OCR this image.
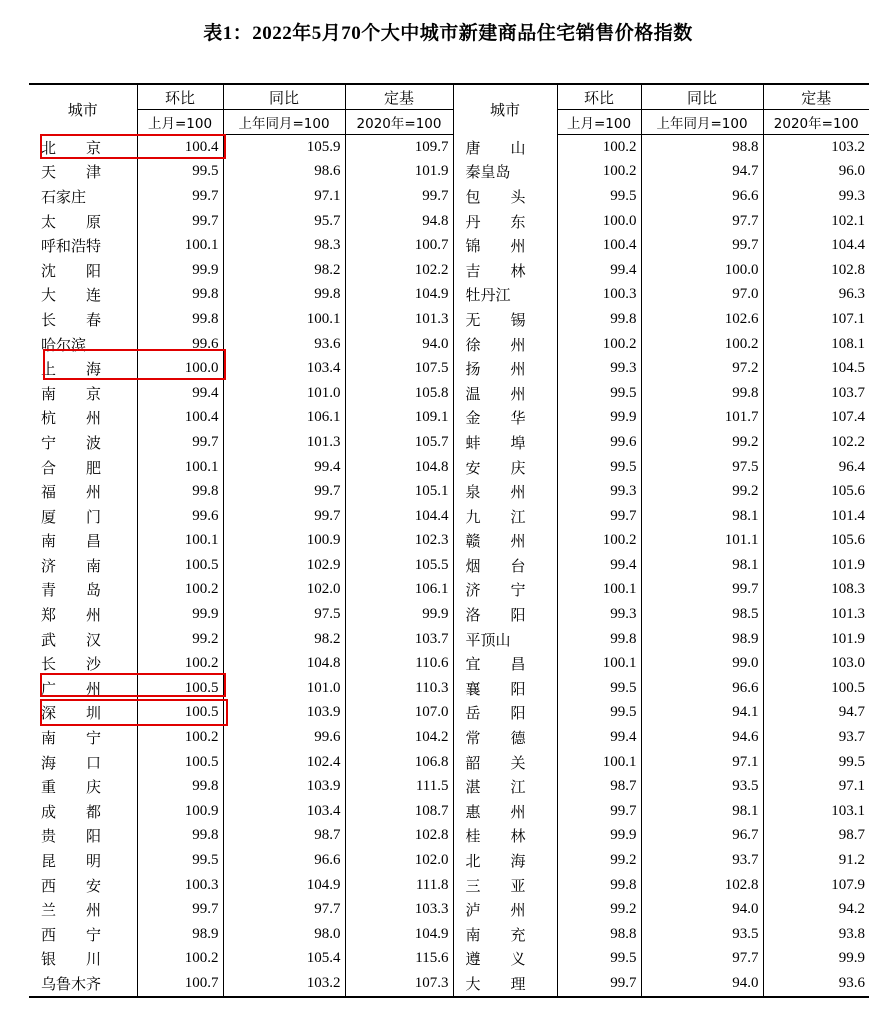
表1：2022年5月70个大中城市新建商品住宅销售价格指数
城市	环比	同比	定基	城市	环比	同比	定基
	上月=100	上年同月=100	2020年=100		上月=100	上年同月=100	2020年=100

北　　京	100.4	105.9	109.7	唐　　山	100.2	98.8	103.2

天　　津	99.5	98.6	101.9	秦皇岛	100.2	94.7	96.0

石家庄	99.7	97.1	99.7	包　　头	99.5	96.6	99.3

太　　原	99.7	95.7	94.8	丹　　东	100.0	97.7	102.1

呼和浩特	100.1	98.3	100.7	锦　　州	100.4	99.7	104.4

沈　　阳	99.9	98.2	102.2	吉　　林	99.4	100.0	102.8

大　　连	99.8	99.8	104.9	牡丹江	100.3	97.0	96.3

长　　春	99.8	100.1	101.3	无　　锡	99.8	102.6	107.1

哈尔滨	99.6	93.6	94.0	徐　　州	100.2	100.2	108.1

上　　海	100.0	103.4	107.5	扬　　州	99.3	97.2	104.5

南　　京	99.4	101.0	105.8	温　　州	99.5	99.8	103.7

杭　　州	100.4	106.1	109.1	金　　华	99.9	101.7	107.4

宁　　波	99.7	101.3	105.7	蚌　　埠	99.6	99.2	102.2

合　　肥	100.1	99.4	104.8	安　　庆	99.5	97.5	96.4

福　　州	99.8	99.7	105.1	泉　　州	99.3	99.2	105.6

厦　　门	99.6	99.7	104.4	九　　江	99.7	98.1	101.4

南　　昌	100.1	100.9	102.3	赣　　州	100.2	101.1	105.6

济　　南	100.5	102.9	105.5	烟　　台	99.4	98.1	101.9

青　　岛	100.2	102.0	106.1	济　　宁	100.1	99.7	108.3

郑　　州	99.9	97.5	99.9	洛　　阳	99.3	98.5	101.3

武　　汉	99.2	98.2	103.7	平顶山	99.8	98.9	101.9

长　　沙	100.2	104.8	110.6	宜　　昌	100.1	99.0	103.0

广　　州	100.5	101.0	110.3	襄　　阳	99.5	96.6	100.5

深　　圳	100.5	103.9	107.0	岳　　阳	99.5	94.1	94.7

南　　宁	100.2	99.6	104.2	常　　德	99.4	94.6	93.7

海　　口	100.5	102.4	106.8	韶　　关	100.1	97.1	99.5

重　　庆	99.8	103.9	111.5	湛　　江	98.7	93.5	97.1

成　　都	100.9	103.4	108.7	惠　　州	99.7	98.1	103.1

贵　　阳	99.8	98.7	102.8	桂　　林	99.9	96.7	98.7

昆　　明	99.5	96.6	102.0	北　　海	99.2	93.7	91.2

西　　安	100.3	104.9	111.8	三　　亚	99.8	102.8	107.9

兰　　州	99.7	97.7	103.3	泸　　州	99.2	94.0	94.2

西　　宁	98.9	98.0	104.9	南　　充	98.8	93.5	93.8

银　　川	100.2	105.4	115.6	遵　　义	99.5	97.7	99.9

乌鲁木齐	100.7	103.2	107.3	大　　理	99.7	94.0	93.6
